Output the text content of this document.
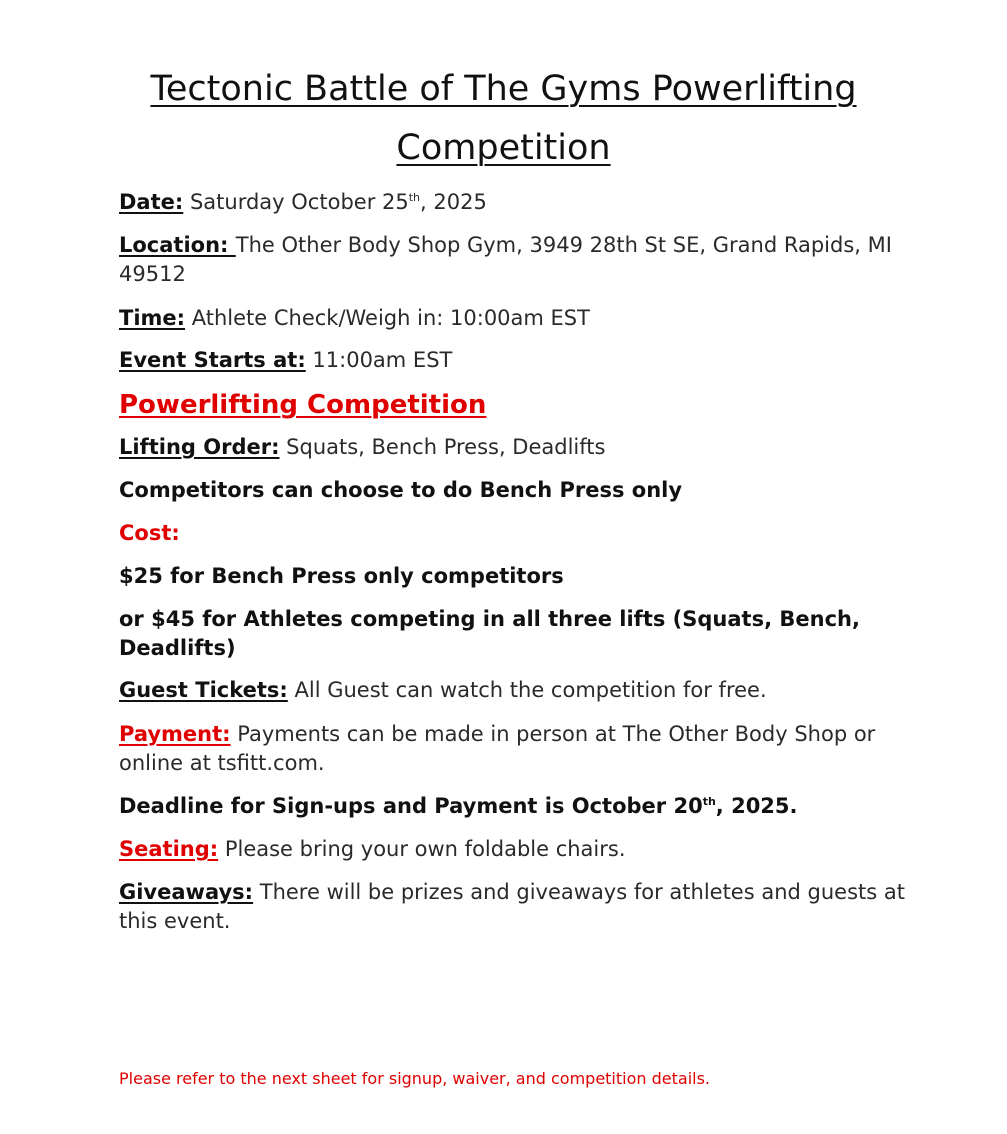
Tectonic Battle of The Gyms Powerlifting
Competition

Date: Saturday October 25th, 2025

Location: The Other Body Shop Gym, 3949 28th St SE, Grand Rapids, MI 49512

Time: Athlete Check/Weigh in: 10:00am EST

Event Starts at: 11:00am EST

Powerlifting Competition

Lifting Order: Squats, Bench Press, Deadlifts

Competitors can choose to do Bench Press only

Cost:

$25 for Bench Press only competitors

or $45 for Athletes competing in all three lifts (Squats, Bench, Deadlifts)

Guest Tickets: All Guest can watch the competition for free.

Payment: Payments can be made in person at The Other Body Shop or online at tsfitt.com.

Deadline for Sign-ups and Payment is October 20th, 2025.

Seating: Please bring your own foldable chairs.

Giveaways: There will be prizes and giveaways for athletes and guests at this event.

Please refer to the next sheet for signup, waiver, and competition details.
